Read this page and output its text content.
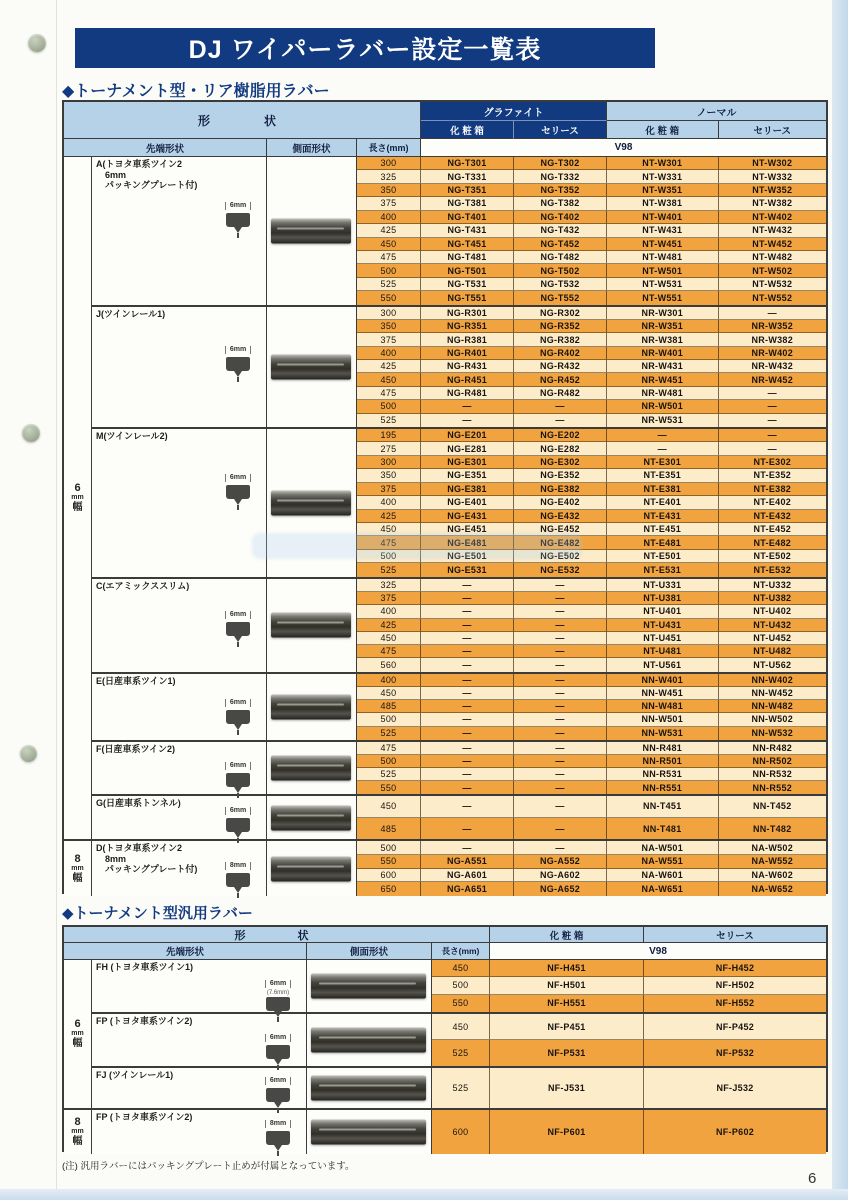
DJ ワイパーラバー設定一覧表
◆トーナメント型・リア樹脂用ラバー
形　　状
グラファイト	ノーマル
化 粧 箱	セリース	化 粧 箱	セリース
先端形状	側面形状	長さ(mm)	V98
6
mm
幅
8
mm
幅
A(トヨタ車系ツイン2
　6mm
　パッキングプレート付)
6mm
300	NG-T301	NG-T302	NT-W301	NT-W302
325	NG-T331	NG-T332	NT-W331	NT-W332
350	NG-T351	NG-T352	NT-W351	NT-W352
375	NG-T381	NG-T382	NT-W381	NT-W382
400	NG-T401	NG-T402	NT-W401	NT-W402
425	NG-T431	NG-T432	NT-W431	NT-W432
450	NG-T451	NG-T452	NT-W451	NT-W452
475	NG-T481	NG-T482	NT-W481	NT-W482
500	NG-T501	NG-T502	NT-W501	NT-W502
525	NG-T531	NG-T532	NT-W531	NT-W532
550	NG-T551	NG-T552	NT-W551	NT-W552
J(ツインレール1)
6mm
300	NG-R301	NG-R302	NR-W301	—
350	NG-R351	NG-R352	NR-W351	NR-W352
375	NG-R381	NG-R382	NR-W381	NR-W382
400	NG-R401	NG-R402	NR-W401	NR-W402
425	NG-R431	NG-R432	NR-W431	NR-W432
450	NG-R451	NG-R452	NR-W451	NR-W452
475	NG-R481	NG-R482	NR-W481	—
500	—	—	NR-W501	—
525	—	—	NR-W531	—
M(ツインレール2)
6mm
195	NG-E201	NG-E202	—	—
275	NG-E281	NG-E282	—	—
300	NG-E301	NG-E302	NT-E301	NT-E302
350	NG-E351	NG-E352	NT-E351	NT-E352
375	NG-E381	NG-E382	NT-E381	NT-E382
400	NG-E401	NG-E402	NT-E401	NT-E402
425	NG-E431	NG-E432	NT-E431	NT-E432
450	NG-E451	NG-E452	NT-E451	NT-E452
475	NG-E481	NG-E482	NT-E481	NT-E482
500	NG-E501	NG-E502	NT-E501	NT-E502
525	NG-E531	NG-E532	NT-E531	NT-E532
C(エアミックススリム)
6mm
325	—	—	NT-U331	NT-U332
375	—	—	NT-U381	NT-U382
400	—	—	NT-U401	NT-U402
425	—	—	NT-U431	NT-U432
450	—	—	NT-U451	NT-U452
475	—	—	NT-U481	NT-U482
560	—	—	NT-U561	NT-U562
E(日産車系ツイン1)
6mm
400	—	—	NN-W401	NN-W402
450	—	—	NN-W451	NN-W452
485	—	—	NN-W481	NN-W482
500	—	—	NN-W501	NN-W502
525	—	—	NN-W531	NN-W532
F(日産車系ツイン2)
6mm
475	—	—	NN-R481	NN-R482
500	—	—	NN-R501	NN-R502
525	—	—	NN-R531	NN-R532
550	—	—	NN-R551	NN-R552
G(日産車系トンネル)
6mm	450	—	—	NN-T451	NN-T452
485	—	—	NN-T481	NN-T482
D(トヨタ車系ツイン2
　8mm
　パッキングプレート付)	8mm
500	—	—	NA-W501	NA-W502
550	NG-A551	NG-A552	NA-W551	NA-W552
600	NG-A601	NG-A602	NA-W601	NA-W602
650	NG-A651	NG-A652	NA-W651	NA-W652
◆トーナメント型汎用ラバー
形　　状	化 粧 箱	セリース
先端形状	側面形状	長さ(mm)	V98
6
mm
幅
8
mm
幅
FH (トヨタ車系ツイン1)
6mm
(7.6mm)
450	NF-H451	NF-H452
500	NF-H501	NF-H502
550	NF-H551	NF-H552
FP (トヨタ車系ツイン2)
6mm
450	NF-P451	NF-P452
525	NF-P531	NF-P532
FJ (ツインレール1)
6mm
525	NF-J531	NF-J532
FP (トヨタ車系ツイン2)
8mm
600	NF-P601	NF-P602
(注) 汎用ラバーにはパッキングプレート止めが付属となっています。
6
